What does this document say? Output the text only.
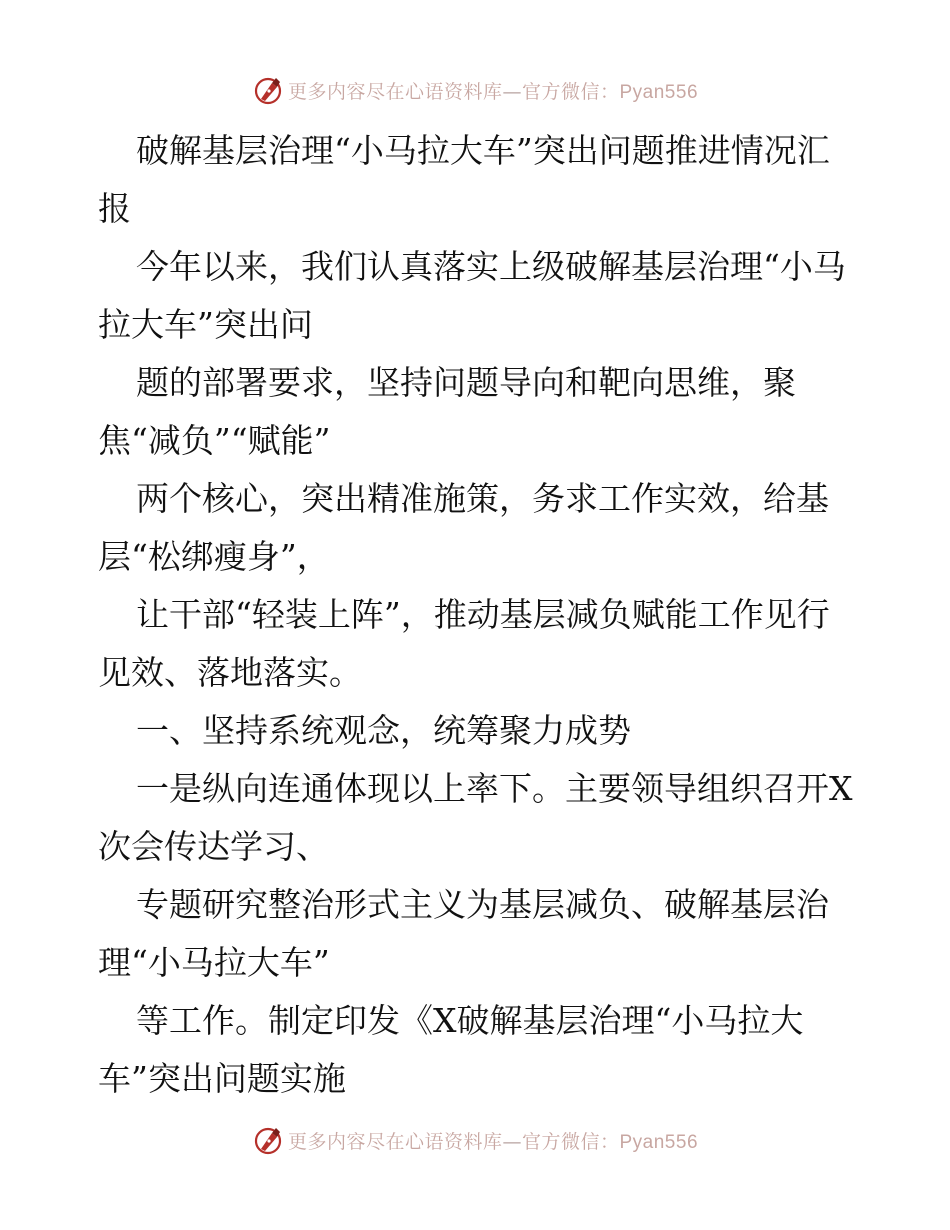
更多内容尽在心语资料库—官方微信：Pyan556

破解基层治理“小马拉大车”突出问题推进情况汇报

今年以来，我们认真落实上级破解基层治理“小马拉大车”突出问

题的部署要求，坚持问题导向和靶向思维，聚焦“减负”“赋能”

两个核心，突出精准施策，务求工作实效，给基层“松绑瘦身”，

让干部“轻装上阵”，推动基层减负赋能工作见行见效、落地落实。

一、坚持系统观念，统筹聚力成势

一是纵向连通体现以上率下。主要领导组织召开X次会传达学习、

专题研究整治形式主义为基层减负、破解基层治理“小马拉大车”

等工作。制定印发《X破解基层治理“小马拉大车”突出问题实施

更多内容尽在心语资料库—官方微信：Pyan556
